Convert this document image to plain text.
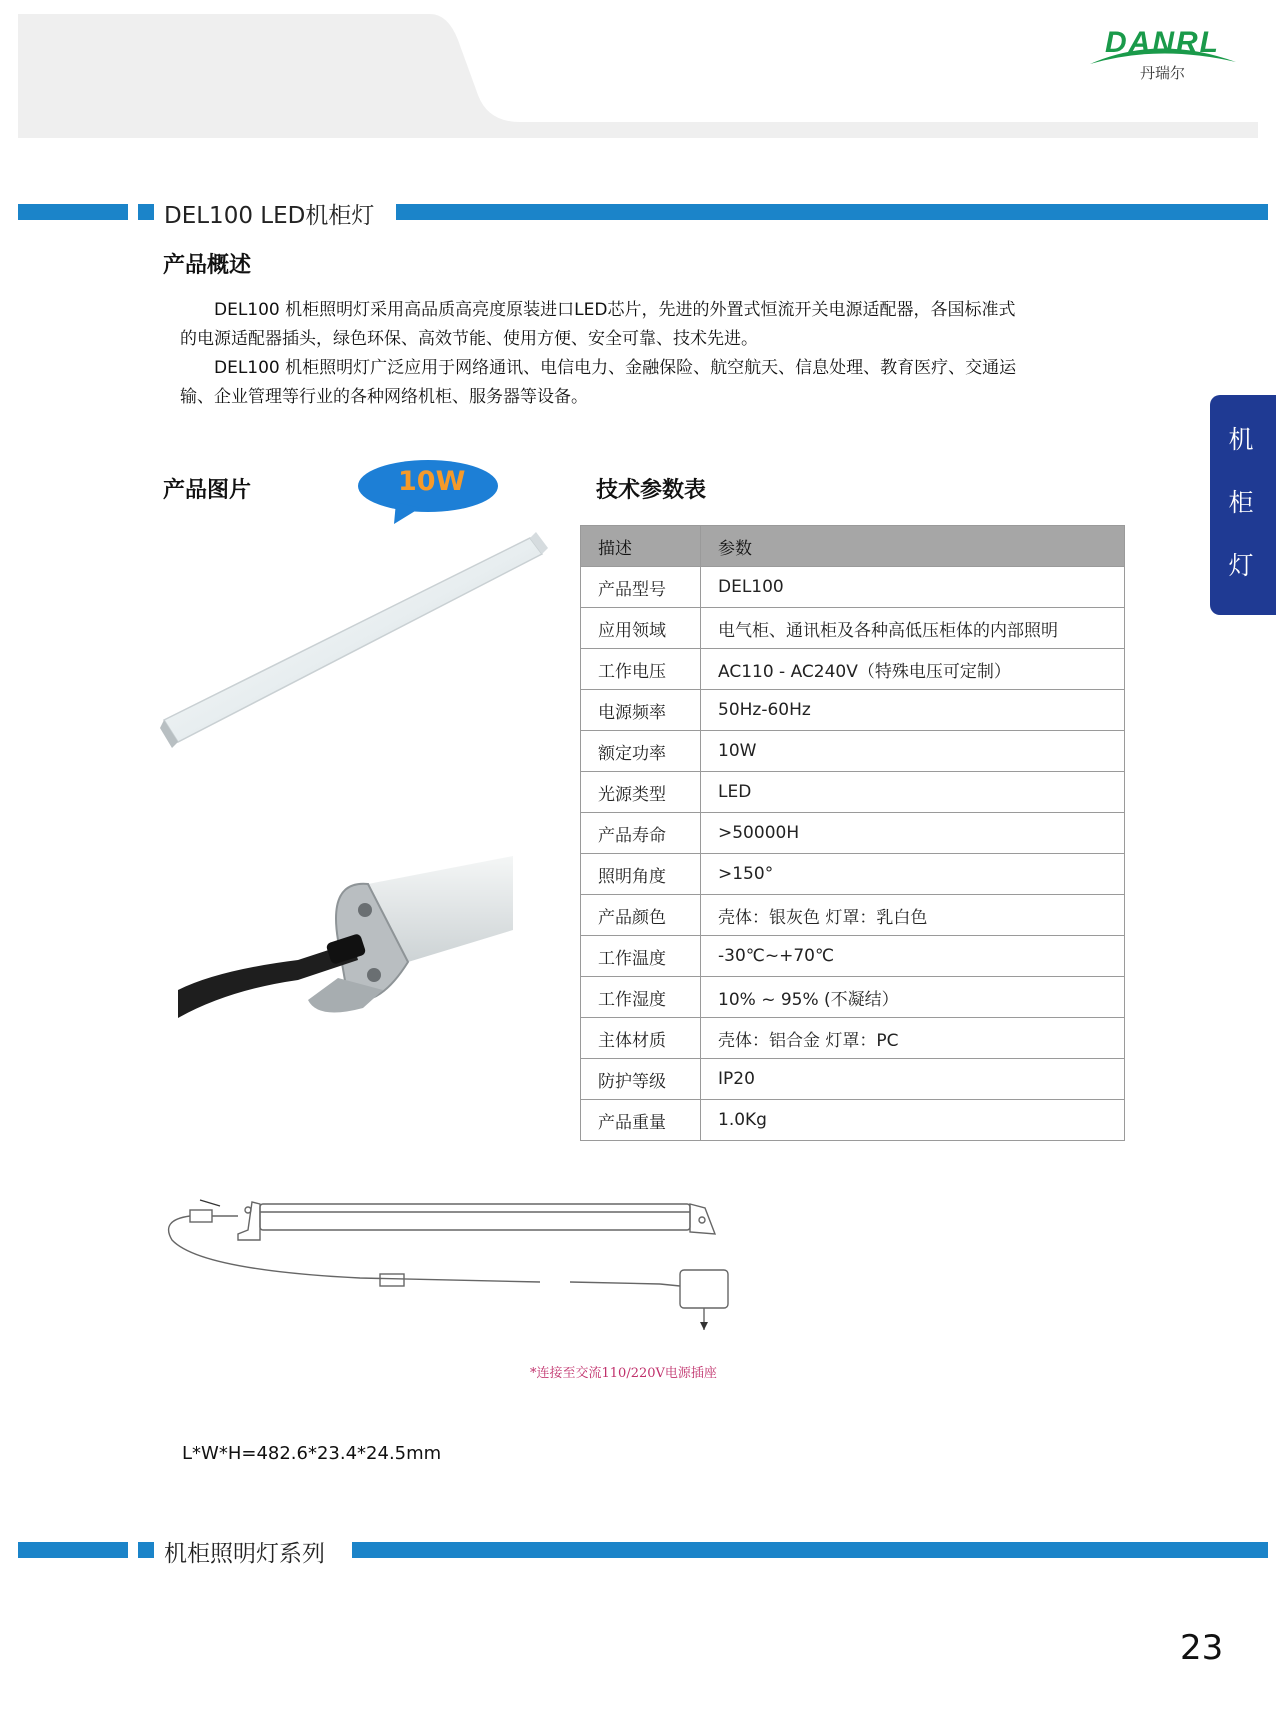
DANRL
丹瑞尔
DEL100 LED机柜灯
产品概述

DEL100 机柜照明灯采用高品质高亮度原装进口LED芯片，先进的外置式恒流开关电源适配器，各国标准式

的电源适配器插头，绿色环保、高效节能、使用方便、安全可靠、技术先进。

DEL100 机柜照明灯广泛应用于网络通讯、电信电力、金融保险、航空航天、信息处理、教育医疗、交通运

输、企业管理等行业的各种网络机柜、服务器等设备。

机
柜
灯
产品图片	10W	技术参数表
描述	参数
产品型号	DEL100
应用领域	电气柜、通讯柜及各种高低压柜体的内部照明
工作电压	AC110 - AC240V（特殊电压可定制）
电源频率	50Hz-60Hz
额定功率	10W
光源类型	LED
产品寿命	>50000H
照明角度	>150°
产品颜色	壳体：银灰色 灯罩：乳白色
工作温度	-30℃~+70℃
工作湿度	10% ~ 95% (不凝结）
主体材质	壳体：铝合金 灯罩：PC
防护等级	IP20
产品重量	1.0Kg
*连接至交流110/220V电源插座
L*W*H=482.6*23.4*24.5mm
机柜照明灯系列
23
